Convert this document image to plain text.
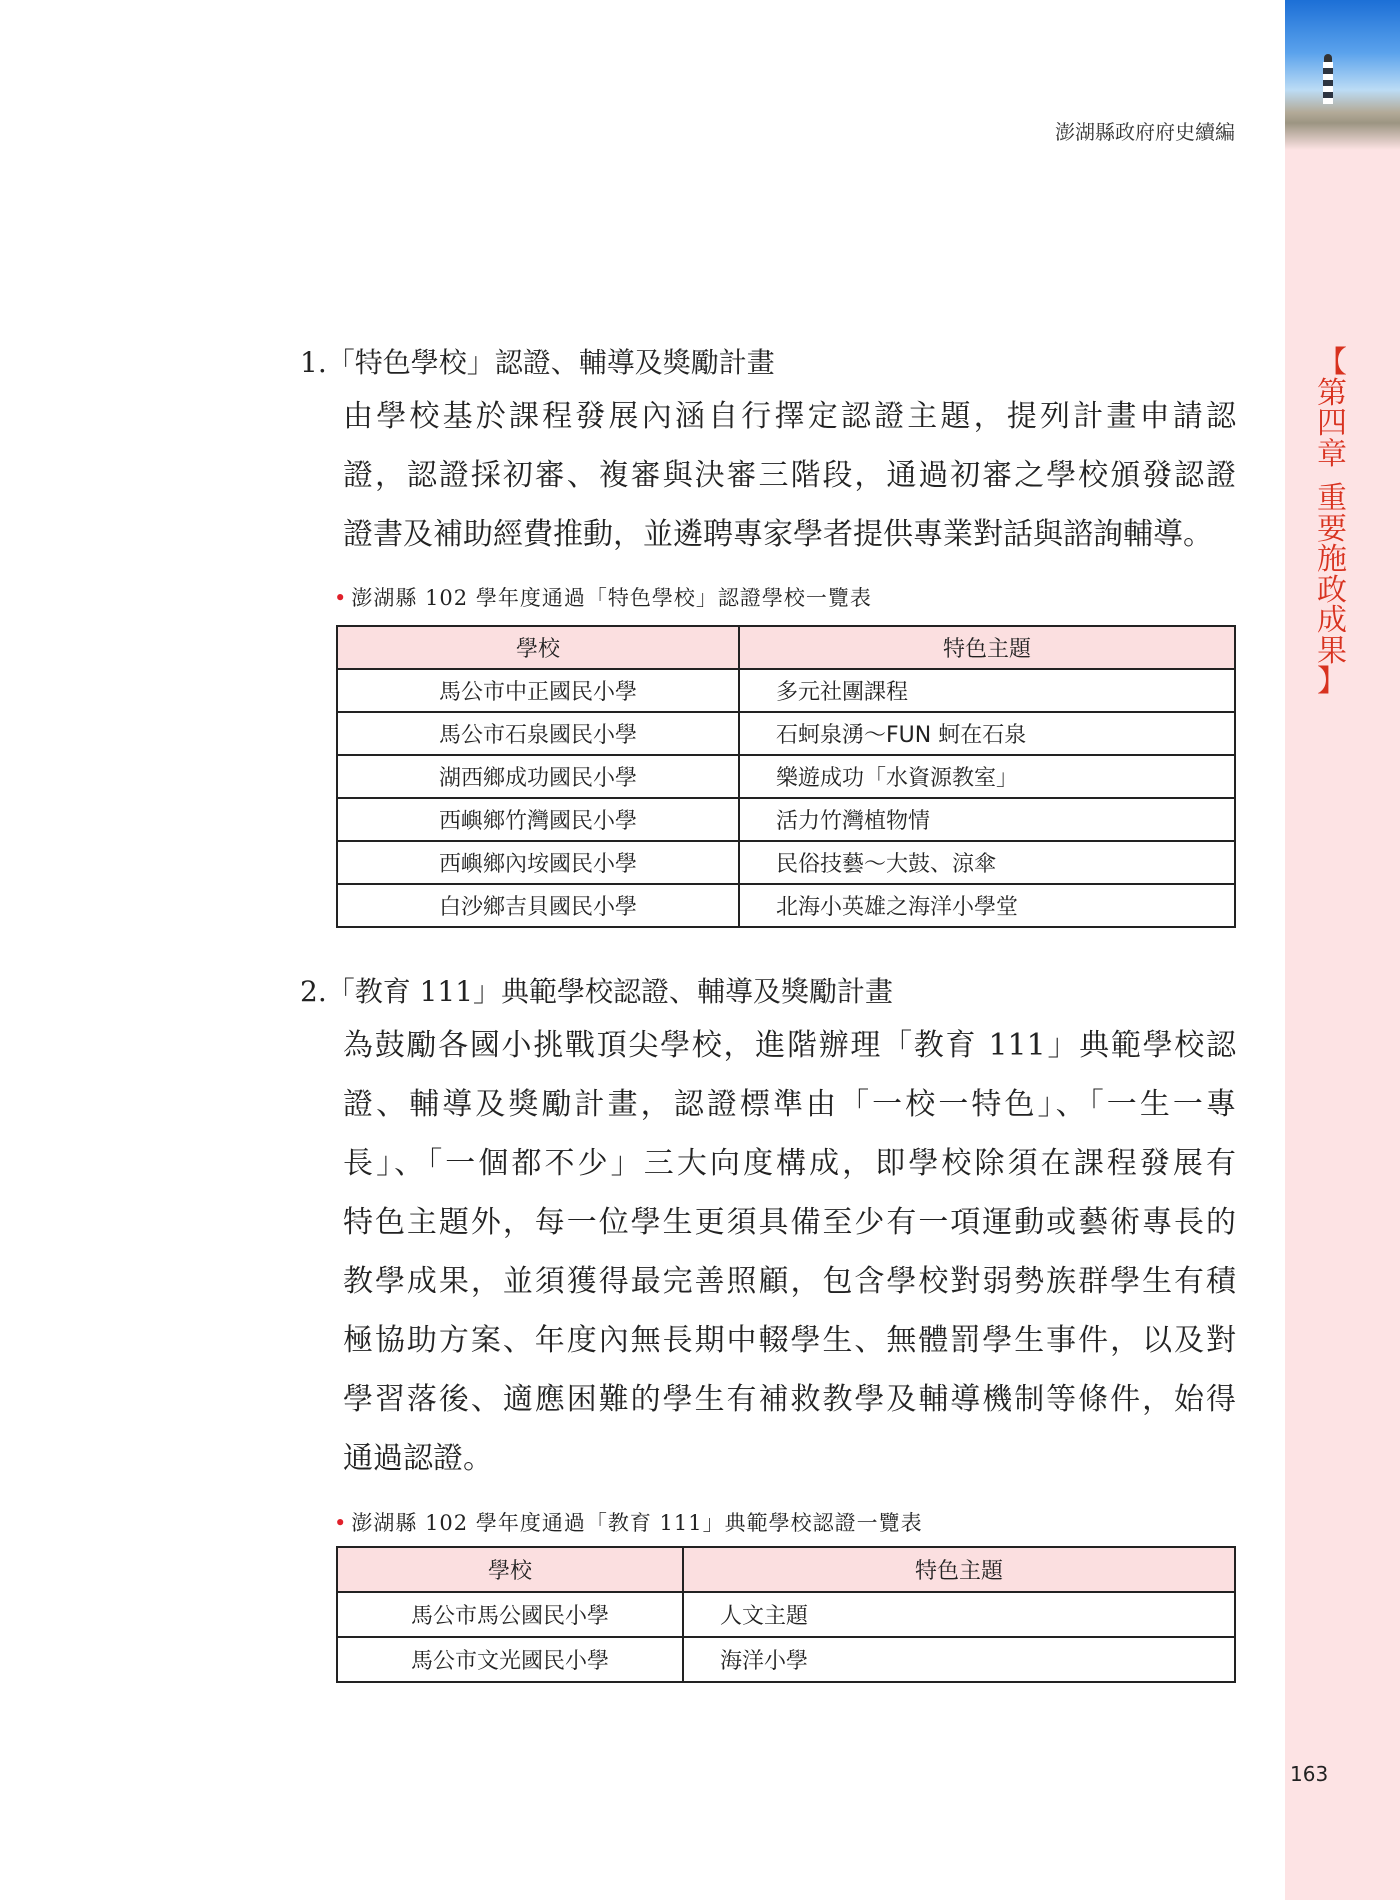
【
第
四
章
重
要
施
政
成
果
】
澎湖縣政府府史續編
1.「特色學校」認證、輔導及獎勵計畫
由學校基於課程發展內涵自行擇定認證主題，提列計畫申請認
證，認證採初審、複審與決審三階段，通過初審之學校頒發認證
證書及補助經費推動，並遴聘專家學者提供專業對話與諮詢輔導。
• 澎湖縣 102 學年度通過「特色學校」認證學校一覽表
學校	特色主題
馬公市中正國民小學	多元社團課程
馬公市石泉國民小學	石蚵泉湧～FUN 蚵在石泉
湖西鄉成功國民小學	樂遊成功「水資源教室」
西嶼鄉竹灣國民小學	活力竹灣植物情
西嶼鄉內垵國民小學	民俗技藝～大鼓、涼傘
白沙鄉吉貝國民小學	北海小英雄之海洋小學堂
2.「教育 111」典範學校認證、輔導及獎勵計畫
為鼓勵各國小挑戰頂尖學校，進階辦理「教育 111」典範學校認
證、輔導及獎勵計畫，認證標準由「一校一特色」、「一生一專
長」、「一個都不少」三大向度構成，即學校除須在課程發展有
特色主題外，每一位學生更須具備至少有一項運動或藝術專長的
教學成果，並須獲得最完善照顧，包含學校對弱勢族群學生有積
極協助方案、年度內無長期中輟學生、無體罰學生事件，以及對
學習落後、適應困難的學生有補救教學及輔導機制等條件，始得
通過認證。
• 澎湖縣 102 學年度通過「教育 111」典範學校認證一覽表
學校	特色主題
馬公市馬公國民小學	人文主題
馬公市文光國民小學	海洋小學
163
